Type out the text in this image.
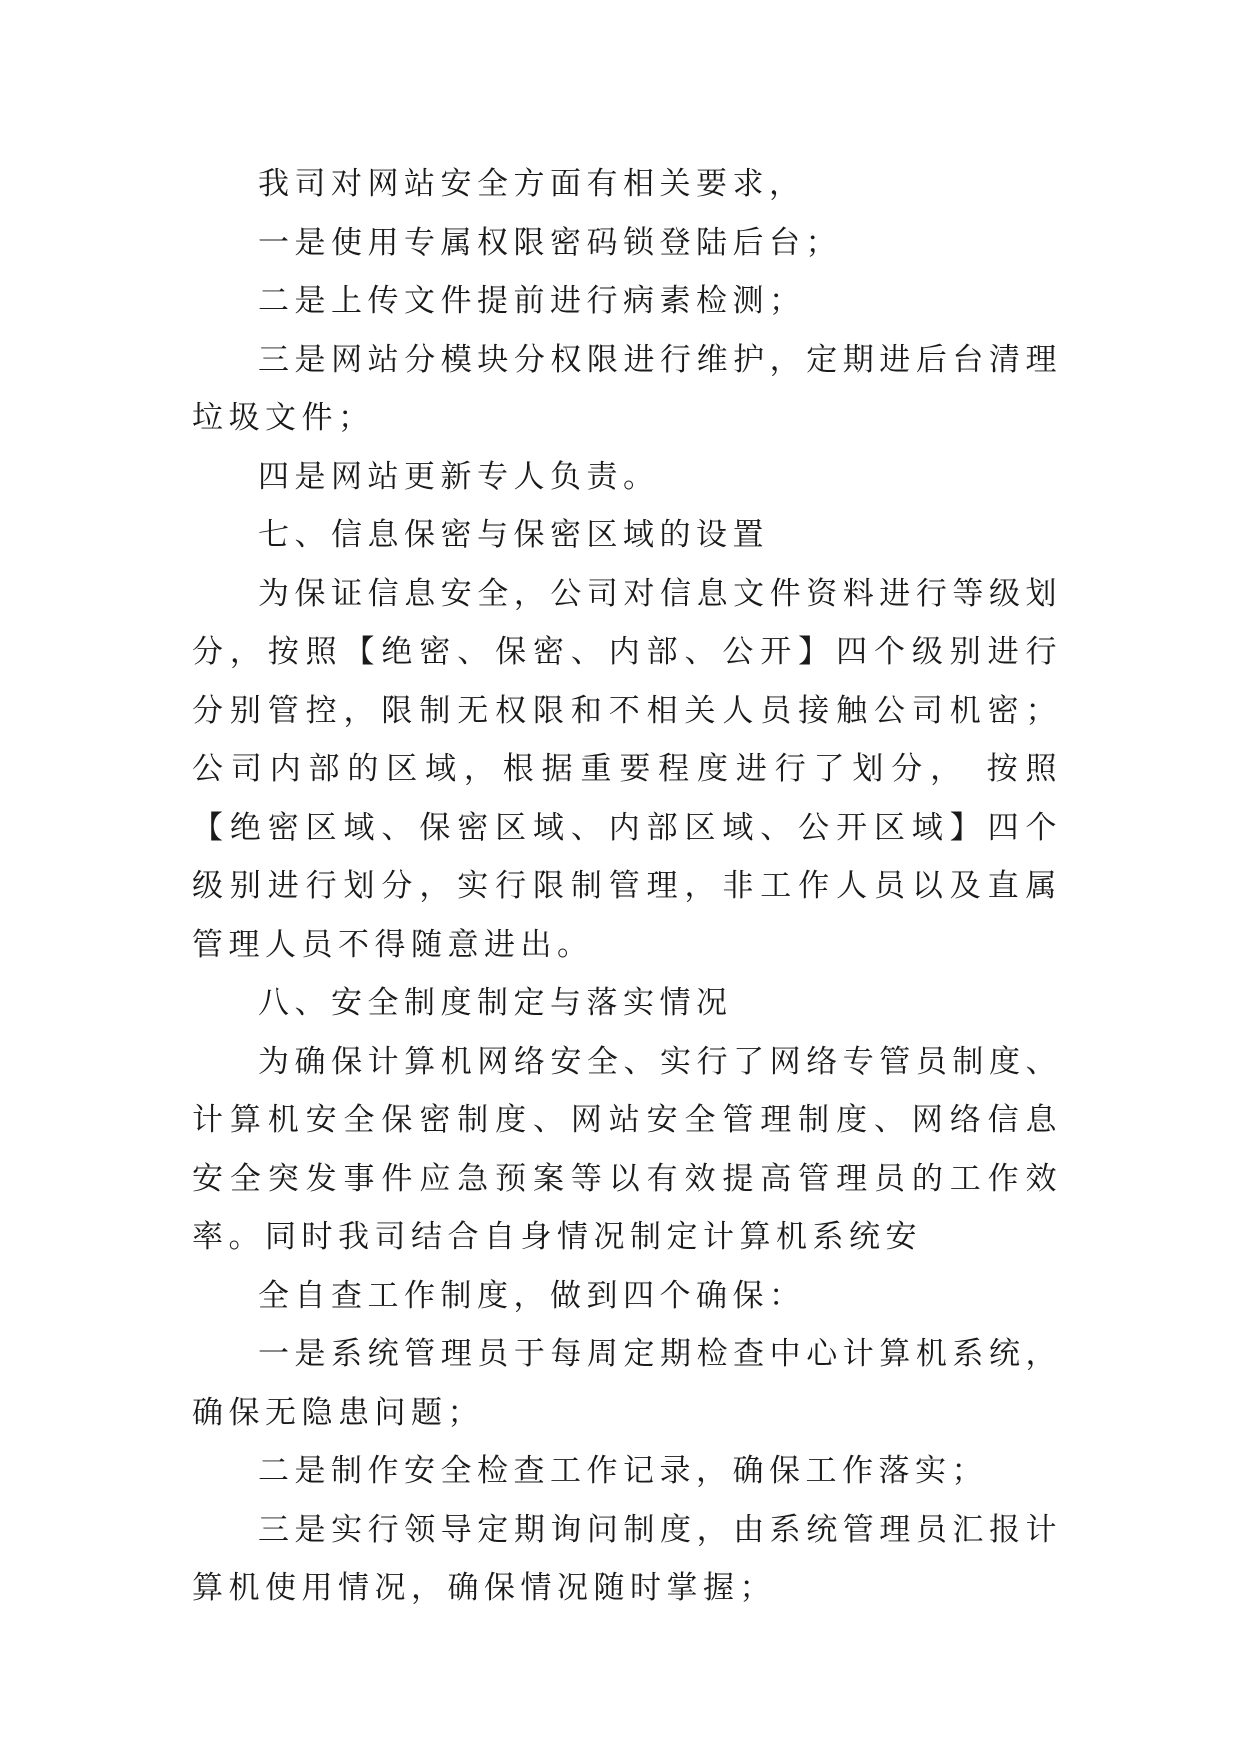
我司对网站安全方面有相关要求，

一是使用专属权限密码锁登陆后台；

二是上传文件提前进行病素检测；

三是网站分模块分权限进行维护，定期进后台清理垃圾文件；

四是网站更新专人负责。

七、信息保密与保密区域的设置

为保证信息安全，公司对信息文件资料进行等级划分，按照【绝密、保密、内部、公开】四个级别进行分别管控，限制无权限和不相关人员接触公司机密；公司内部的区域，根据重要程度进行了划分， 按照【绝密区域、保密区域、内部区域、公开区域】四个级别进行划分，实行限制管理，非工作人员以及直属管理人员不得随意进出。

八、安全制度制定与落实情况

为确保计算机网络安全、实行了网络专管员制度、计算机安全保密制度、网站安全管理制度、网络信息安全突发事件应急预案等以有效提高管理员的工作效率。同时我司结合自身情况制定计算机系统安

全自查工作制度，做到四个确保：

一是系统管理员于每周定期检查中心计算机系统，确保无隐患问题；

二是制作安全检查工作记录，确保工作落实；

三是实行领导定期询问制度，由系统管理员汇报计算机使用情况，确保情况随时掌握；
